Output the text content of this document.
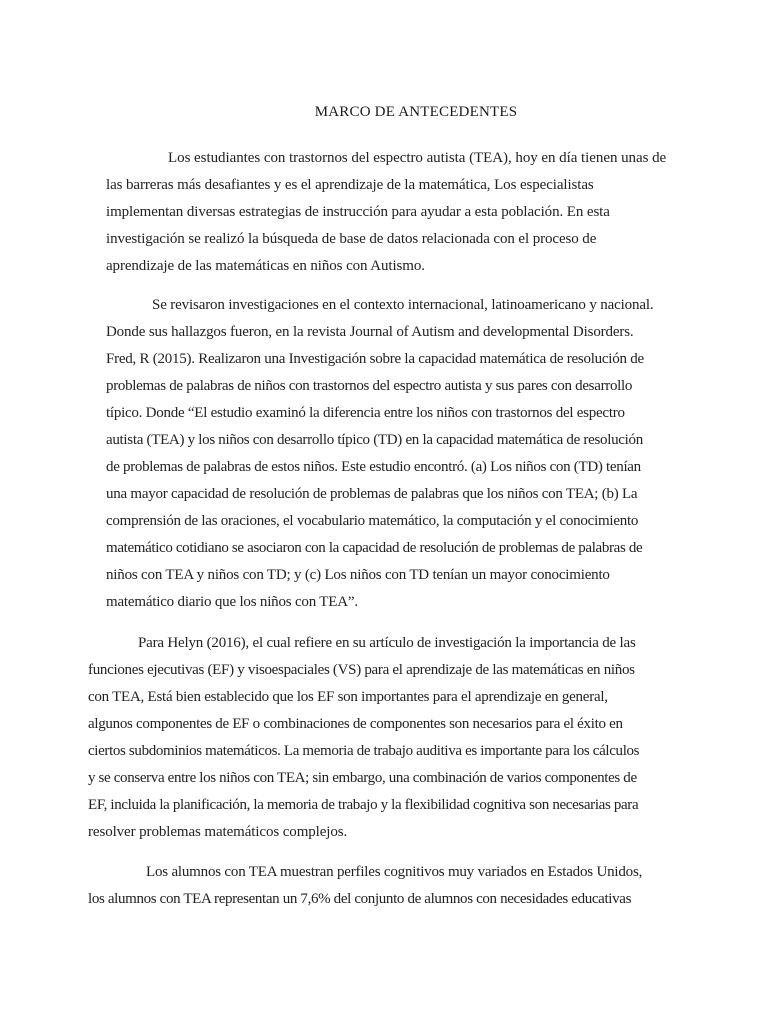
MARCO DE ANTECEDENTES
Los estudiantes con trastornos del espectro autista (TEA), hoy en día tienen unas de
las barreras más desafiantes y es el aprendizaje de la matemática, Los especialistas
implementan diversas estrategias de instrucción para ayudar a esta población. En esta
investigación se realizó la búsqueda de base de datos relacionada con el proceso de
aprendizaje de las matemáticas en niños con Autismo.
Se revisaron investigaciones en el contexto internacional, latinoamericano y nacional.
Donde sus hallazgos fueron, en la revista Journal of Autism and developmental Disorders.
Fred, R (2015). Realizaron una Investigación sobre la capacidad matemática de resolución de
problemas de palabras de niños con trastornos del espectro autista y sus pares con desarrollo
típico. Donde “El estudio examinó la diferencia entre los niños con trastornos del espectro
autista (TEA) y los niños con desarrollo típico (TD) en la capacidad matemática de resolución
de problemas de palabras de estos niños. Este estudio encontró. (a) Los niños con (TD) tenían
una mayor capacidad de resolución de problemas de palabras que los niños con TEA; (b) La
comprensión de las oraciones, el vocabulario matemático, la computación y el conocimiento
matemático cotidiano se asociaron con la capacidad de resolución de problemas de palabras de
niños con TEA y niños con TD; y (c) Los niños con TD tenían un mayor conocimiento
matemático diario que los niños con TEA”.
Para Helyn (2016), el cual refiere en su artículo de investigación la importancia de las
funciones ejecutivas (EF) y visoespaciales (VS) para el aprendizaje de las matemáticas en niños
con TEA, Está bien establecido que los EF son importantes para el aprendizaje en general,
algunos componentes de EF o combinaciones de componentes son necesarios para el éxito en
ciertos subdominios matemáticos. La memoria de trabajo auditiva es importante para los cálculos
y se conserva entre los niños con TEA; sin embargo, una combinación de varios componentes de
EF, incluida la planificación, la memoria de trabajo y la flexibilidad cognitiva son necesarias para
resolver problemas matemáticos complejos.
Los alumnos con TEA muestran perfiles cognitivos muy variados en Estados Unidos,
los alumnos con TEA representan un 7,6% del conjunto de alumnos con necesidades educativas
